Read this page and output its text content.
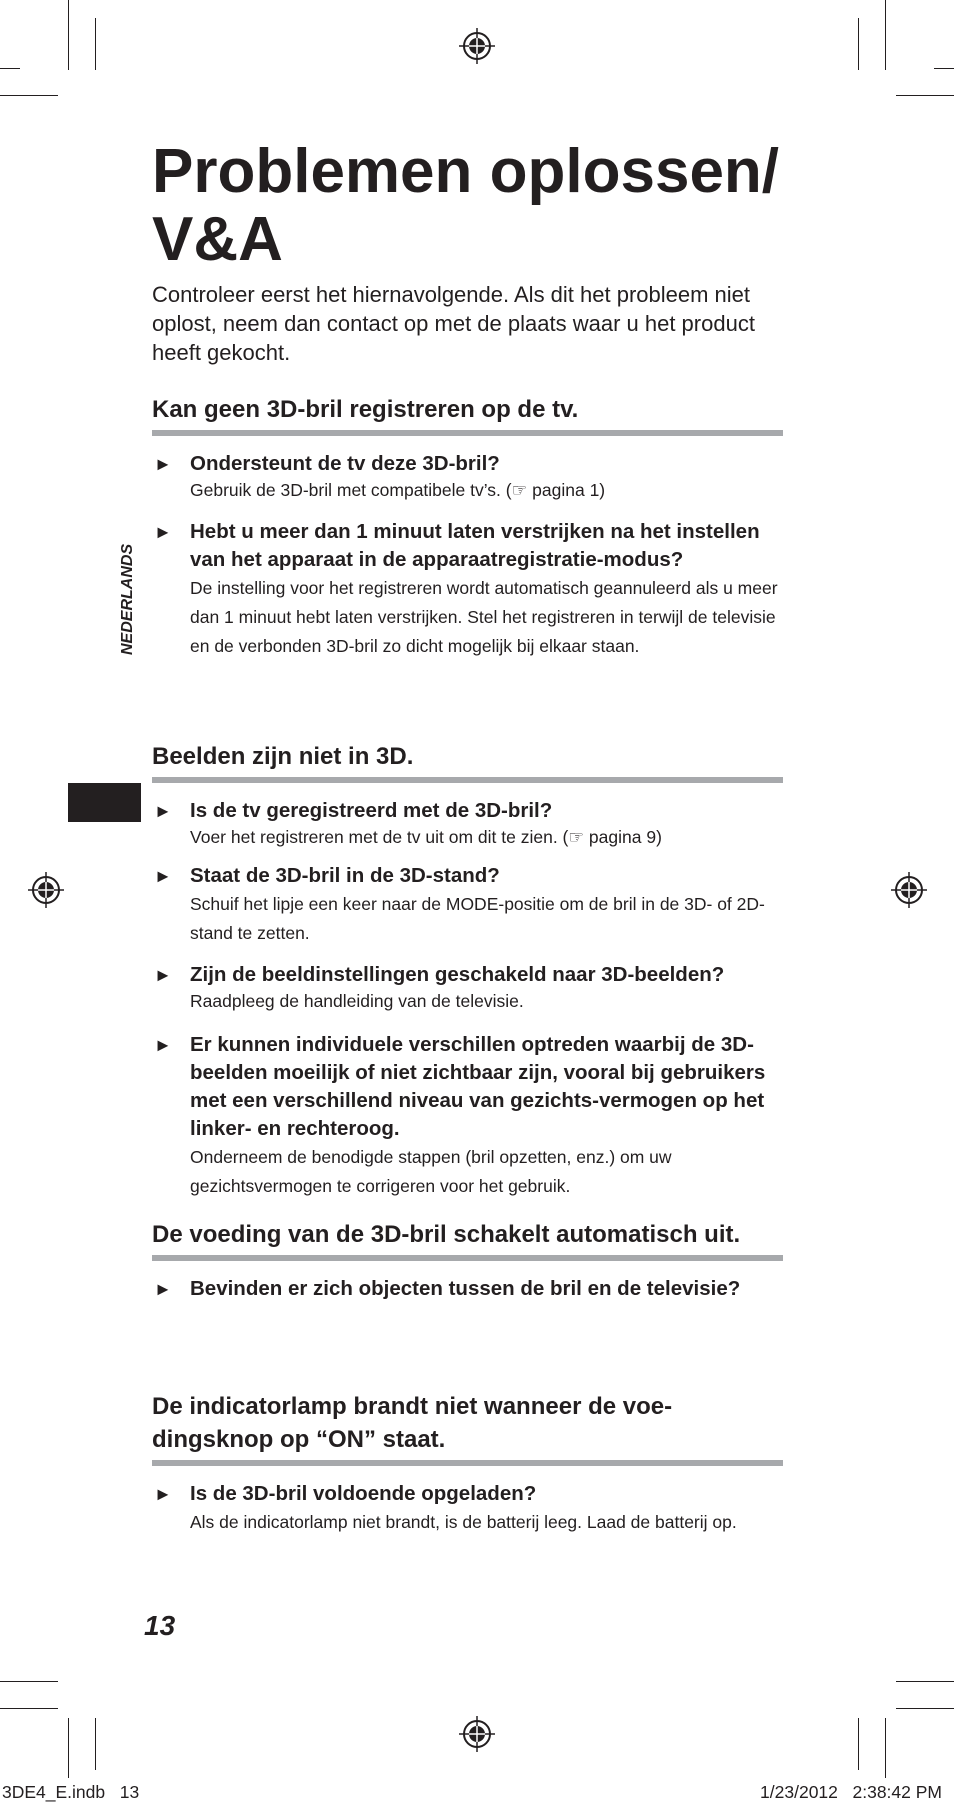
Problemen oplossen/ V&A

Controleer eerst het hiernavolgende. Als dit het probleem niet oplost, neem dan contact op met de plaats waar u het product heeft gekocht.

NEDERLANDS
Kan geen 3D-bril registreren op de tv.
► Ondersteunt de tv deze 3D-bril?
Gebruik de 3D-bril met compatibele tv’s. (☞ pagina 1)
► Hebt u meer dan 1 minuut laten verstrijken na het instellen van het apparaat in de apparaatregistratie-modus?
De instelling voor het registreren wordt automatisch geannuleerd als u meer dan 1 minuut hebt laten verstrijken. Stel het registreren in terwijl de televisie en de verbonden 3D-bril zo dicht mogelijk bij elkaar staan.
Beelden zijn niet in 3D.
► Is de tv geregistreerd met de 3D-bril?
Voer het registreren met de tv uit om dit te zien. (☞ pagina 9)
► Staat de 3D-bril in de 3D-stand?
Schuif het lipje een keer naar de MODE-positie om de bril in de 3D- of 2D-stand te zetten.
► Zijn de beeldinstellingen geschakeld naar 3D-beelden?
Raadpleeg de handleiding van de televisie.
► Er kunnen individuele verschillen optreden waarbij de 3D-beelden moeilijk of niet zichtbaar zijn, vooral bij gebruikers met een verschillend niveau van gezichts-vermogen op het linker- en rechteroog.
Onderneem de benodigde stappen (bril opzetten, enz.) om uw gezichtsvermogen te corrigeren voor het gebruik.
De voeding van de 3D-bril schakelt automatisch uit.
► Bevinden er zich objecten tussen de bril en de televisie?
De indicatorlamp brandt niet wanneer de voe-dingsknop op “ON” staat.
► Is de 3D-bril voldoende opgeladen?
Als de indicatorlamp niet brandt, is de batterij leeg. Laad de batterij op.
13
3DE4_E.indb   13	1/23/2012   2:38:42 PM
